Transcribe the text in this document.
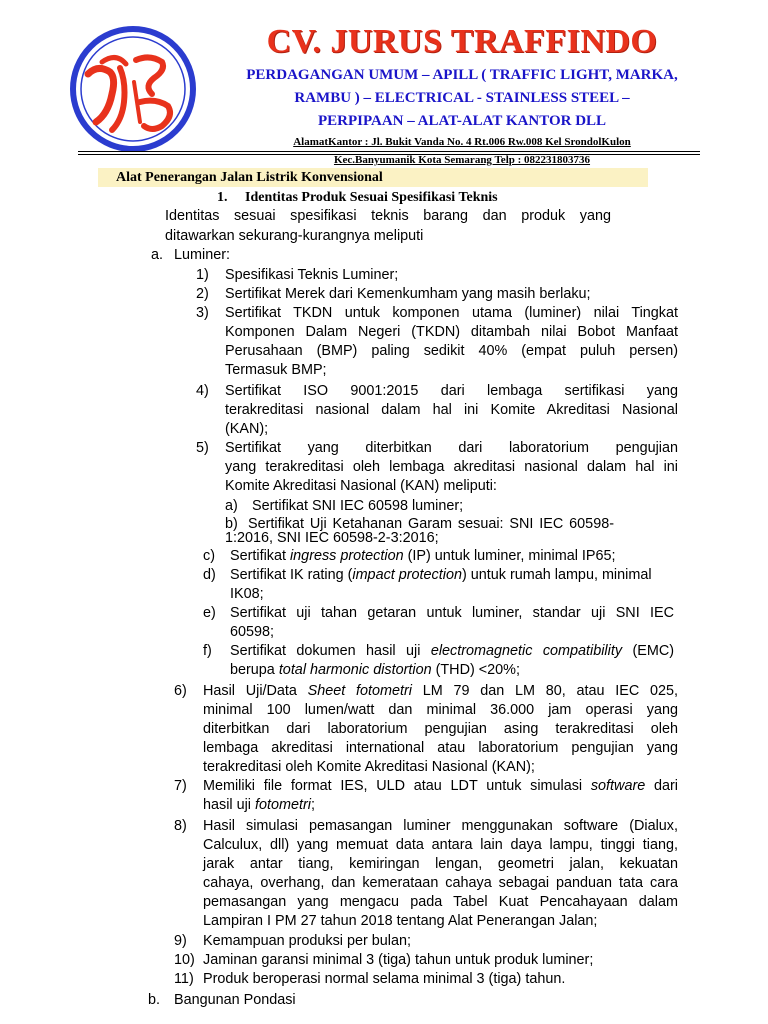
CV. JURUS TRAFFINDO
PERDAGANGAN UMUM – APILL ( TRAFFIC LIGHT, MARKA,
RAMBU ) – ELECTRICAL - STAINLESS STEEL –
PERPIPAAN – ALAT-ALAT KANTOR DLL
AlamatKantor : Jl. Bukit Vanda No. 4 Rt.006 Rw.008 Kel SrondolKulon
Kec.Banyumanik Kota Semarang Telp : 082231803736
Alat Penerangan Jalan Listrik Konvensional
1. Identitas Produk Sesuai Spesifikasi Teknis
Identitas sesuai spesifikasi teknis barang dan produk yang
ditawarkan sekurang-kurangnya meliputi
a. Luminer:
1) Spesifikasi Teknis Luminer;
2) Sertifikat Merek dari Kemenkumham yang masih berlaku;
3) Sertifikat TKDN untuk komponen utama (luminer) nilai Tingkat
Komponen Dalam Negeri (TKDN) ditambah nilai Bobot Manfaat
Perusahaan (BMP) paling sedikit 40% (empat puluh persen)
Termasuk BMP;
4) Sertifikat ISO 9001:2015 dari lembaga sertifikasi yang
terakreditasi nasional dalam hal ini Komite Akreditasi Nasional
(KAN);
5) Sertifikat yang diterbitkan dari laboratorium pengujian
yang terakreditasi oleh lembaga akreditasi nasional dalam hal ini
Komite Akreditasi Nasional (KAN) meliputi:
a) Sertifikat SNI IEC 60598 luminer;
b) Sertifikat Uji Ketahanan Garam sesuai: SNI IEC 60598-
1:2016, SNI IEC 60598-2-3:2016;
c) Sertifikat ingress protection (IP) untuk luminer, minimal IP65;
d) Sertifikat IK rating (impact protection) untuk rumah lampu, minimal
IK08;
e) Sertifikat uji tahan getaran untuk luminer, standar uji SNI IEC
60598;
f) Sertifikat dokumen hasil uji electromagnetic compatibility (EMC)
berupa total harmonic distortion (THD) <20%;
6) Hasil Uji/Data Sheet fotometri LM 79 dan LM 80, atau IEC 025,
minimal 100 lumen/watt dan minimal 36.000 jam operasi yang
diterbitkan dari laboratorium pengujian asing terakreditasi oleh
lembaga akreditasi international atau laboratorium pengujian yang
terakreditasi oleh Komite Akreditasi Nasional (KAN);
7) Memiliki file format IES, ULD atau LDT untuk simulasi software dari
hasil uji fotometri;
8) Hasil simulasi pemasangan luminer menggunakan software (Dialux,
Calculux, dll) yang memuat data antara lain daya lampu, tinggi tiang,
jarak antar tiang, kemiringan lengan, geometri jalan, kekuatan
cahaya, overhang, dan kemerataan cahaya sebagai panduan tata cara
pemasangan yang mengacu pada Tabel Kuat Pencahayaan dalam
Lampiran I PM 27 tahun 2018 tentang Alat Penerangan Jalan;
9) Kemampuan produksi per bulan;
10) Jaminan garansi minimal 3 (tiga) tahun untuk produk luminer;
11) Produk beroperasi normal selama minimal 3 (tiga) tahun.
b. Bangunan Pondasi
